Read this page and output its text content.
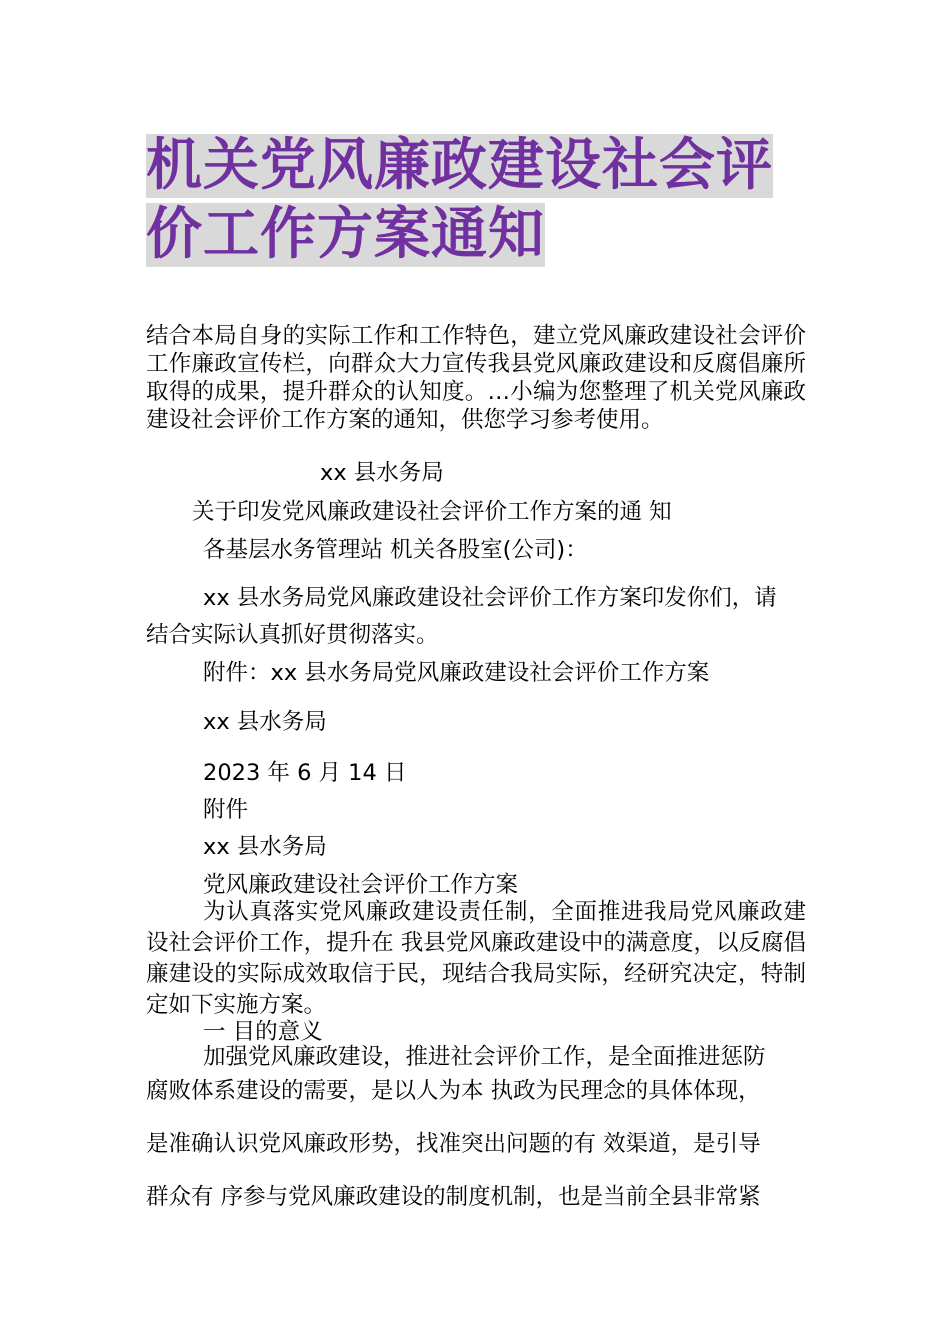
机关党风廉政建设社会评
价工作方案通知
结合本局自身的实际工作和工作特色，建立党风廉政建设社会评价工作廉政宣传栏，向群众大力宣传我县党风廉政建设和反腐倡廉所取得的成果，提升群众的认知度。…小编为您整理了机关党风廉政建设社会评价工作方案的通知，供您学习参考使用。
xx 县水务局
关于印发党风廉政建设社会评价工作方案的通 知
各基层水务管理站 机关各股室(公司)：
xx 县水务局党风廉政建设社会评价工作方案印发你们，请
结合实际认真抓好贯彻落实。
附件：xx 县水务局党风廉政建设社会评价工作方案
xx 县水务局
2023 年 6 月 14 日
附件
xx 县水务局
党风廉政建设社会评价工作方案
为认真落实党风廉政建设责任制，全面推进我局党风廉政建设社会评价工作，提升在 我县党风廉政建设中的满意度，以反腐倡廉建设的实际成效取信于民，现结合我局实际，经研究决定，特制定如下实施方案。
一 目的意义
加强党风廉政建设，推进社会评价工作，是全面推进惩防
腐败体系建设的需要，是以人为本 执政为民理念的具体体现，
是准确认识党风廉政形势，找准突出问题的有 效渠道，是引导
群众有 序参与党风廉政建设的制度机制，也是当前全县非常紧
